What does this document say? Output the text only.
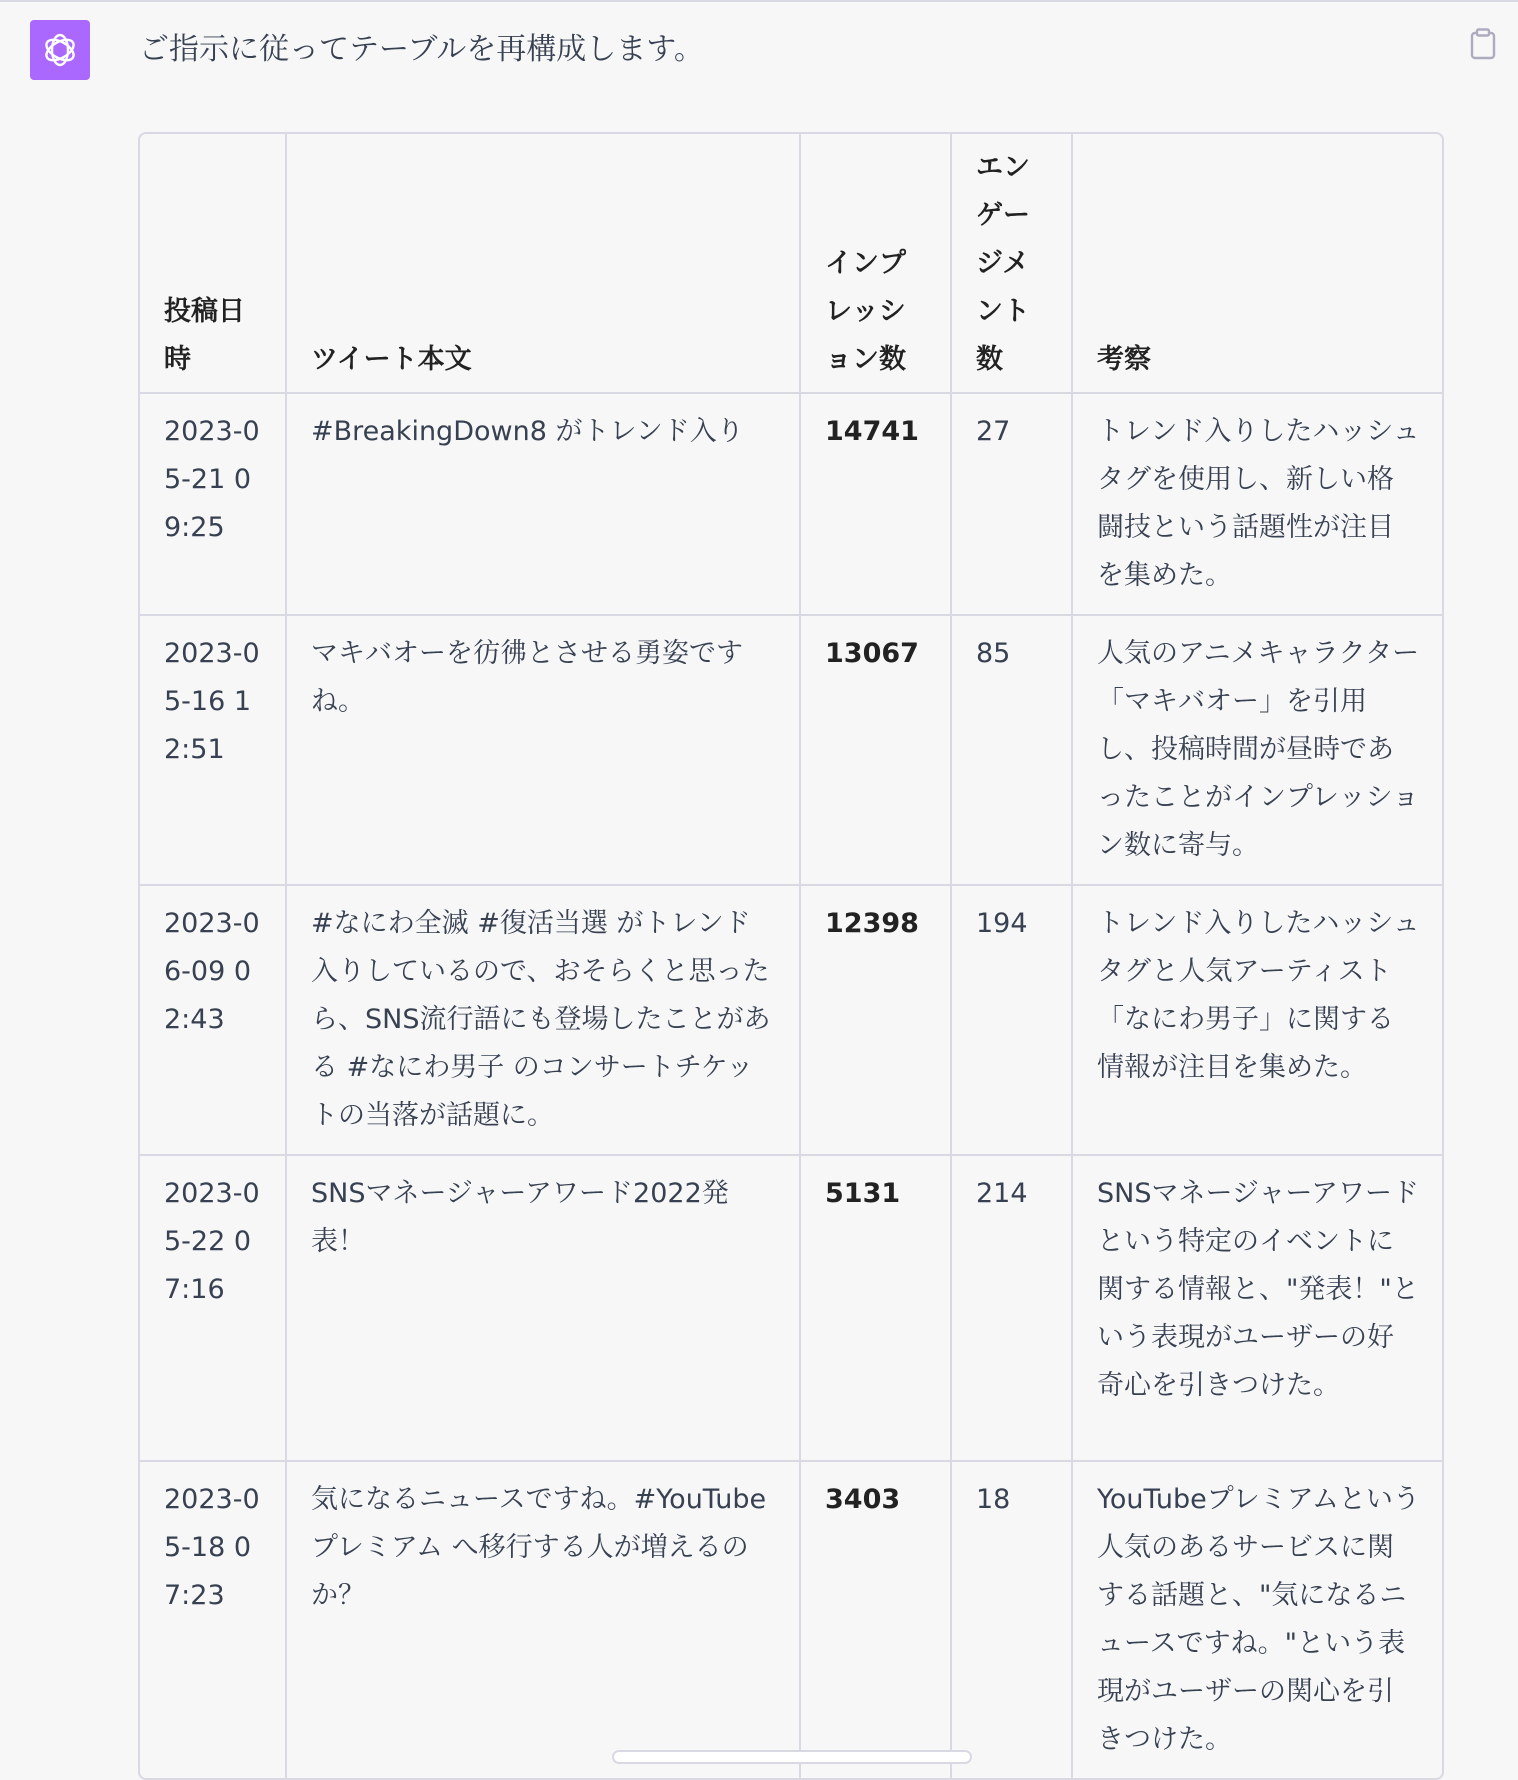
ご指示に従ってテーブルを再構成します。
投稿日時	ツイート本文	インプレッション数	エンゲージメント数	考察
2023-05-21 09:25	#BreakingDown8 がトレンド入り	14741	27	トレンド入りしたハッシュタグを使用し、新しい格闘技という話題性が注目を集めた。
2023-05-16 12:51	マキバオーを彷彿とさせる勇姿ですね。	13067	85	人気のアニメキャラクター「マキバオー」を引用し、投稿時間が昼時であったことがインプレッション数に寄与。
2023-06-09 02:43	#なにわ全滅 #復活当選 がトレンド入りしているので、おそらくと思ったら、SNS流行語にも登場したことがある #なにわ男子 のコンサートチケットの当落が話題に。	12398	194	トレンド入りしたハッシュタグと人気アーティスト「なにわ男子」に関する情報が注目を集めた。
2023-05-22 07:16	SNSマネージャーアワード2022発表！	5131	214	SNSマネージャーアワードという特定のイベントに関する情報と、"発表！"という表現がユーザーの好奇心を引きつけた。
2023-05-18 07:23	気になるニュースですね。#YouTubeプレミアム へ移行する人が増えるのか？	3403	18	YouTubeプレミアムという人気のあるサービスに関する話題と、"気になるニュースですね。"という表現がユーザーの関心を引きつけた。
